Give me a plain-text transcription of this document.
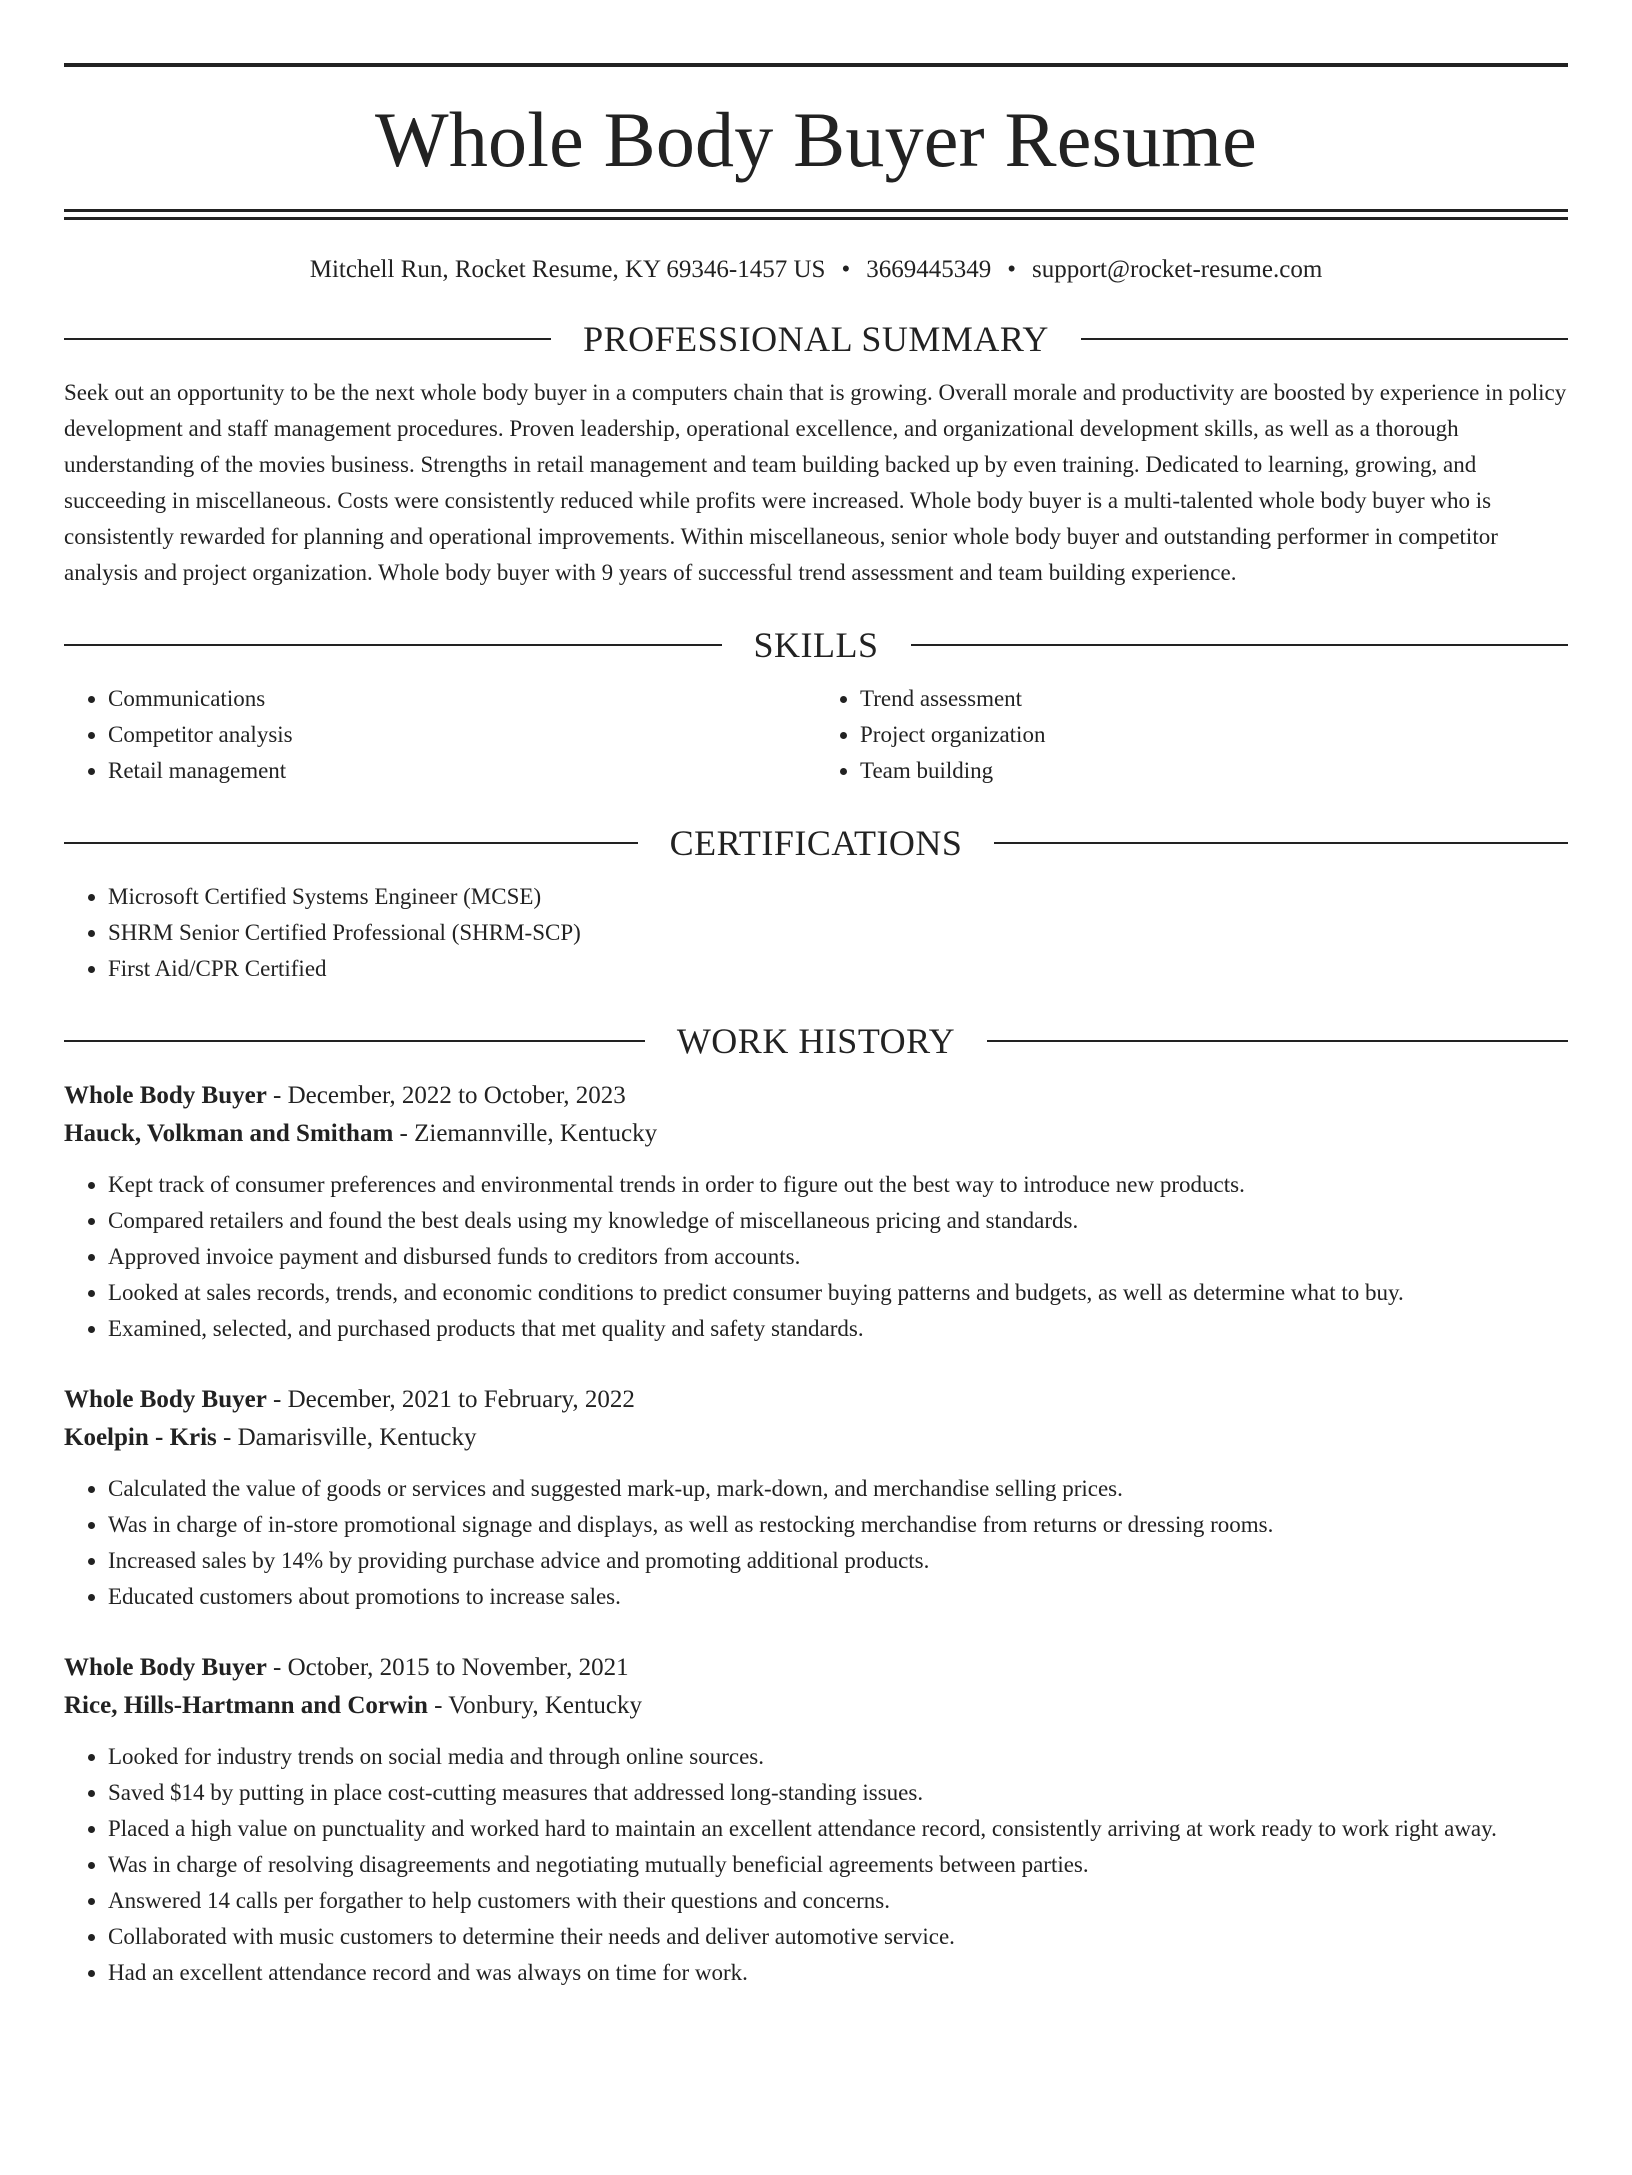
Whole Body Buyer Resume
Mitchell Run, Rocket Resume, KY 69346-1457 US • 3669445349 • support@rocket-resume.com
PROFESSIONAL SUMMARY

Seek out an opportunity to be the next whole body buyer in a computers chain that is growing. Overall morale and productivity are boosted by experience in policy development and staff management procedures. Proven leadership, operational excellence, and organizational development skills, as well as a thorough understanding of the movies business. Strengths in retail management and team building backed up by even training. Dedicated to learning, growing, and succeeding in miscellaneous. Costs were consistently reduced while profits were increased. Whole body buyer is a multi-talented whole body buyer who is consistently rewarded for planning and operational improvements. Within miscellaneous, senior whole body buyer and outstanding performer in competitor analysis and project organization. Whole body buyer with 9 years of successful trend assessment and team building experience.

SKILLS
• Communications
• Competitor analysis
• Retail management
• Trend assessment
• Project organization
• Team building
CERTIFICATIONS
• Microsoft Certified Systems Engineer (MCSE)
• SHRM Senior Certified Professional (SHRM-SCP)
• First Aid/CPR Certified
WORK HISTORY
Whole Body Buyer - December, 2022 to October, 2023
Hauck, Volkman and Smitham - Ziemannville, Kentucky
• Kept track of consumer preferences and environmental trends in order to figure out the best way to introduce new products.
• Compared retailers and found the best deals using my knowledge of miscellaneous pricing and standards.
• Approved invoice payment and disbursed funds to creditors from accounts.
• Looked at sales records, trends, and economic conditions to predict consumer buying patterns and budgets, as well as determine what to buy.
• Examined, selected, and purchased products that met quality and safety standards.
Whole Body Buyer - December, 2021 to February, 2022
Koelpin - Kris - Damarisville, Kentucky
• Calculated the value of goods or services and suggested mark-up, mark-down, and merchandise selling prices.
• Was in charge of in-store promotional signage and displays, as well as restocking merchandise from returns or dressing rooms.
• Increased sales by 14% by providing purchase advice and promoting additional products.
• Educated customers about promotions to increase sales.
Whole Body Buyer - October, 2015 to November, 2021
Rice, Hills-Hartmann and Corwin - Vonbury, Kentucky
• Looked for industry trends on social media and through online sources.
• Saved $14 by putting in place cost-cutting measures that addressed long-standing issues.
• Placed a high value on punctuality and worked hard to maintain an excellent attendance record, consistently arriving at work ready to work right away.
• Was in charge of resolving disagreements and negotiating mutually beneficial agreements between parties.
• Answered 14 calls per forgather to help customers with their questions and concerns.
• Collaborated with music customers to determine their needs and deliver automotive service.
• Had an excellent attendance record and was always on time for work.
